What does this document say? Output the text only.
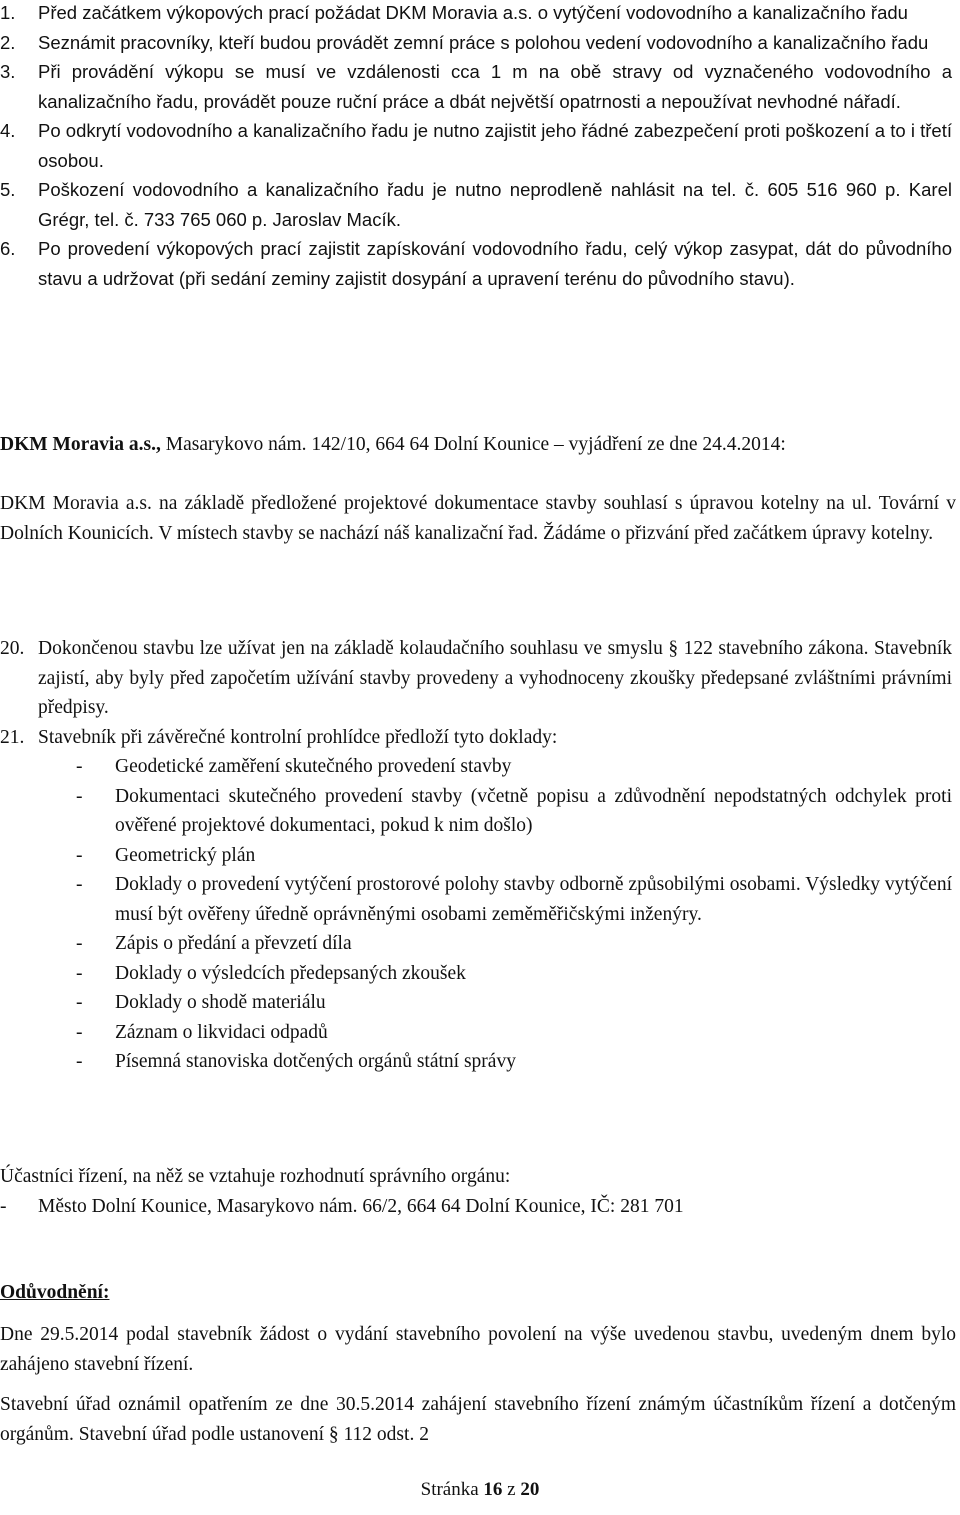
1.	Před začátkem výkopových prací požádat DKM Moravia a.s. o vytýčení vodovodního a kanalizačního řadu
2.	Seznámit pracovníky, kteří budou provádět zemní práce s polohou vedení vodovodního a kanalizačního řadu
3.	Při provádění výkopu se musí ve vzdálenosti cca 1 m na obě stravy od vyznačeného vodovodního a kanalizačního řadu, provádět pouze ruční práce a dbát největší opatrnosti a nepoužívat nevhodné nářadí.
4.	Po odkrytí vodovodního a kanalizačního řadu je nutno zajistit jeho řádné zabezpečení proti poškození a to i třetí osobou.
5.	Poškození vodovodního a kanalizačního řadu je nutno neprodleně nahlásit na tel. č. 605 516 960 p. Karel Grégr, tel. č. 733 765 060 p. Jaroslav Macík.
6.	Po provedení výkopových prací zajistit zapískování vodovodního řadu, celý výkop zasypat, dát do původního stavu a udržovat (při sedání zeminy zajistit dosypání a upravení terénu do původního stavu).
DKM Moravia a.s., Masarykovo nám. 142/10, 664 64 Dolní Kounice – vyjádření ze dne 24.4.2014:
DKM Moravia a.s. na základě předložené projektové dokumentace stavby souhlasí s úpravou kotelny na ul. Tovární v Dolních Kounicích. V místech stavby se nachází náš kanalizační řad. Žádáme o přizvání před začátkem úpravy kotelny.
20. Dokončenou stavbu lze užívat jen na základě kolaudačního souhlasu ve smyslu § 122 stavebního zákona. Stavebník zajistí, aby byly před započetím užívání stavby provedeny a vyhodnoceny zkoušky předepsané zvláštními právními předpisy.
21. Stavebník při závěrečné kontrolní prohlídce předloží tyto doklady:
-	Geodetické zaměření skutečného provedení stavby
-	Dokumentaci skutečného provedení stavby (včetně popisu a zdůvodnění nepodstatných odchylek proti ověřené projektové dokumentaci, pokud k nim došlo)
-	Geometrický plán
-	Doklady o provedení vytýčení prostorové polohy stavby odborně způsobilými osobami. Výsledky vytýčení musí být ověřeny úředně oprávněnými osobami zeměměřičskými inženýry.
-	Zápis o předání a převzetí díla
-	Doklady o výsledcích předepsaných zkoušek
-	Doklady o shodě materiálu
-	Záznam o likvidaci odpadů
-	Písemná stanoviska dotčených orgánů státní správy
Účastníci řízení, na něž se vztahuje rozhodnutí správního orgánu:
-	Město Dolní Kounice, Masarykovo nám. 66/2, 664 64 Dolní Kounice, IČ: 281 701
Odůvodnění:
Dne 29.5.2014 podal stavebník žádost o vydání stavebního povolení na výše uvedenou stavbu, uvedeným dnem bylo zahájeno stavební řízení.
Stavební úřad oznámil opatřením ze dne 30.5.2014 zahájení stavebního řízení známým účastníkům řízení a dotčeným orgánům. Stavební úřad podle ustanovení § 112 odst. 2
Stránka 16 z 20
